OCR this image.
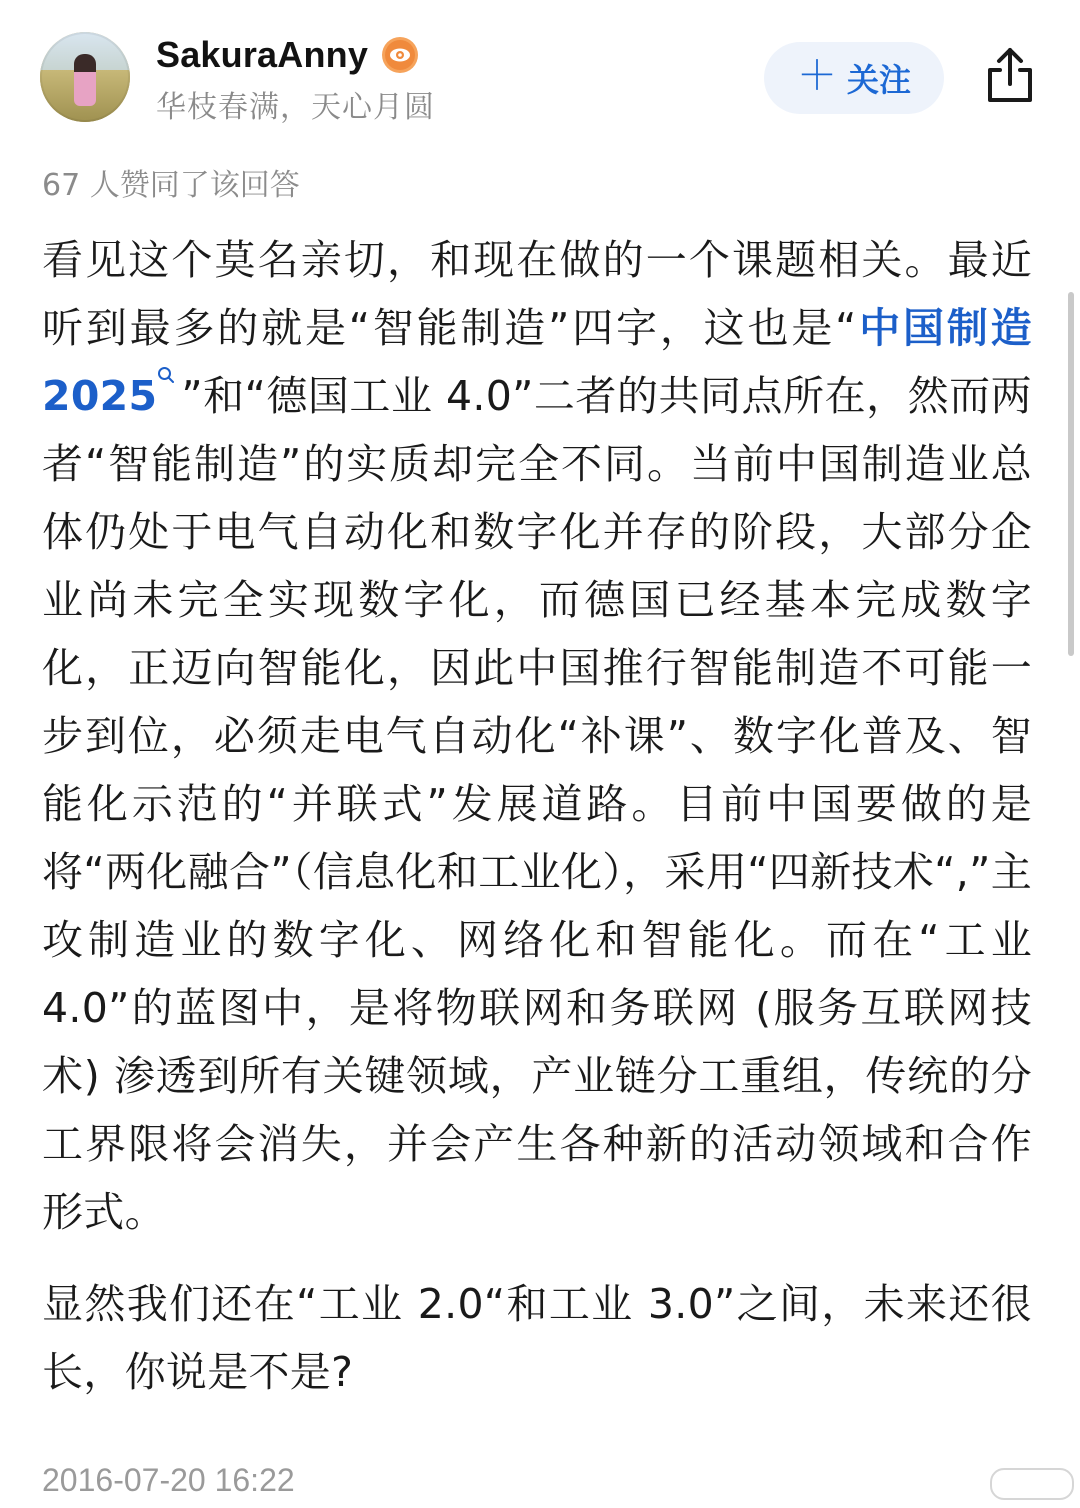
SakuraAnny
华枝春满，天心月圆
＋ 关注
67 人赞同了该回答

看见这个莫名亲切，和现在做的一个课题相关。最近听到最多的就是“智能制造”四字，这也是“中国制造 2025 ”和“德国工业 4.0”二者的共同点所在，然而两者“智能制造”的实质却完全不同。当前中国制造业总体仍处于电气自动化和数字化并存的阶段，大部分企业尚未完全实现数字化，而德国已经基本完成数字化，正迈向智能化，因此中国推行智能制造不可能一步到位，必须走电气自动化“补课”、数字化普及、智能化示范的“并联式”发展道路。目前中国要做的是将“两化融合”（信息化和工业化），采用“四新技术“,”主攻制造业的数字化、网络化和智能化。而在“工业 4.0”的蓝图中，是将物联网和务联网 (服务互联网技术) 渗透到所有关键领域，产业链分工重组，传统的分工界限将会消失，并会产生各种新的活动领域和合作形式。

显然我们还在“工业 2.0“和工业 3.0”之间，未来还很长，你说是不是?

2016-07-20 16:22
